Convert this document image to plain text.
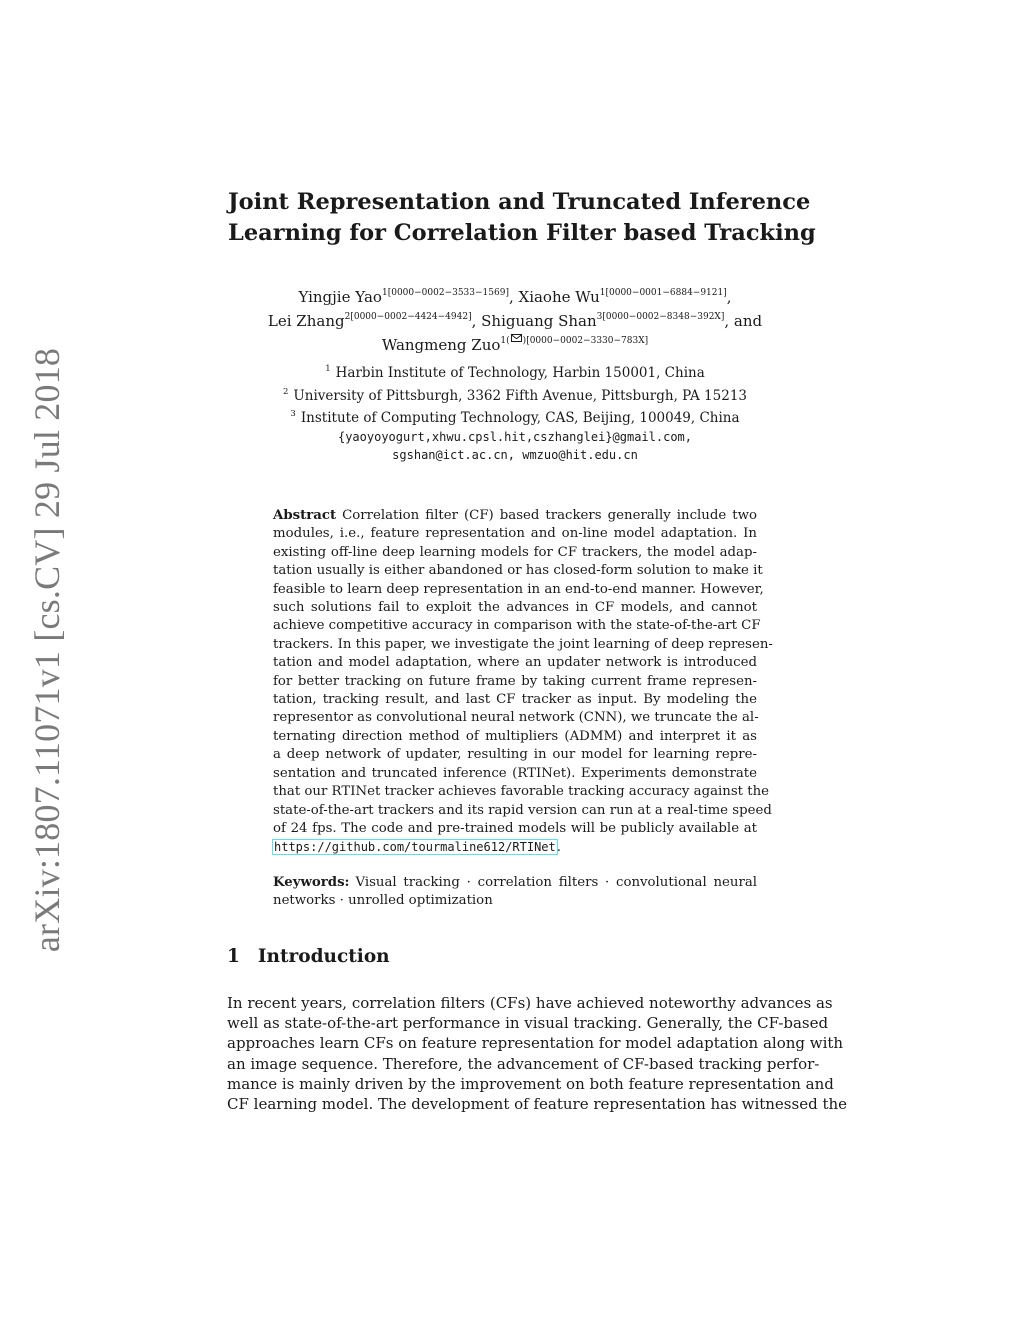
arXiv:1807.11071v1 [cs.CV] 29 Jul 2018
Joint Representation and Truncated Inference
Learning for Correlation Filter based Tracking
Yingjie Yao$^{1[0000-0002-3533-1569]}$, Xiaohe $Wu^{1[0000-0001-6884-9121]}$,
Lei Zhang$^{2[0000-0002-4424-4942]}$, Shiguang Shan$^{3[0000-0002-8348-392X]}$, and
Wangmeng Zuo$^{1( )[0000-0002-3330-783X]}$
$^1$ Harbin Institute of Technology, Harbin 150001, China
$^2$ University of Pittsburgh, 3362 Fifth Avenue, Pittsburgh, PA 15213
$^3$ Institute of Computing Technology, CAS, Beijing, 100049, China
{yaoyoyogurt,xhwu.cpsl.hit,cszhanglei}@gmail.com,
sgshan@ict.ac.cn, wmzuo@hit.edu.cn
Abstract Correlation filter (CF) based trackers generally include two
modules, i.e., feature representation and on-line model adaptation. In
existing off-line deep learning models for CF trackers, the model adap-
tation usually is either abandoned or has closed-form solution to make it
feasible to learn deep representation in an end-to-end manner. However,
such solutions fail to exploit the advances in CF models, and cannot
achieve competitive accuracy in comparison with the state-of-the-art CF
trackers. In this paper, we investigate the joint learning of deep represen-
tation and model adaptation, where an updater network is introduced
for better tracking on future frame by taking current frame represen-
tation, tracking result, and last CF tracker as input. By modeling the
representor as convolutional neural network (CNN), we truncate the al-
ternating direction method of multipliers (ADMM) and interpret it as
a deep network of updater, resulting in our model for learning repre-
sentation and truncated inference (RTINet). Experiments demonstrate
that our RTINet tracker achieves favorable tracking accuracy against the
state-of-the-art trackers and its rapid version can run at a real-time speed
of 24 fps. The code and pre-trained models will be publicly available at
https://github.com/tourmaline612/RTINet.
Keywords: Visual tracking · correlation filters · convolutional neural
networks · unrolled optimization
1 Introduction
In recent years, correlation filters (CFs) have achieved noteworthy advances as
well as state-of-the-art performance in visual tracking. Generally, the CF-based
approaches learn CFs on feature representation for model adaptation along with
an image sequence. Therefore, the advancement of CF-based tracking perfor-
mance is mainly driven by the improvement on both feature representation and
CF learning model. The development of feature representation has witnessed the
